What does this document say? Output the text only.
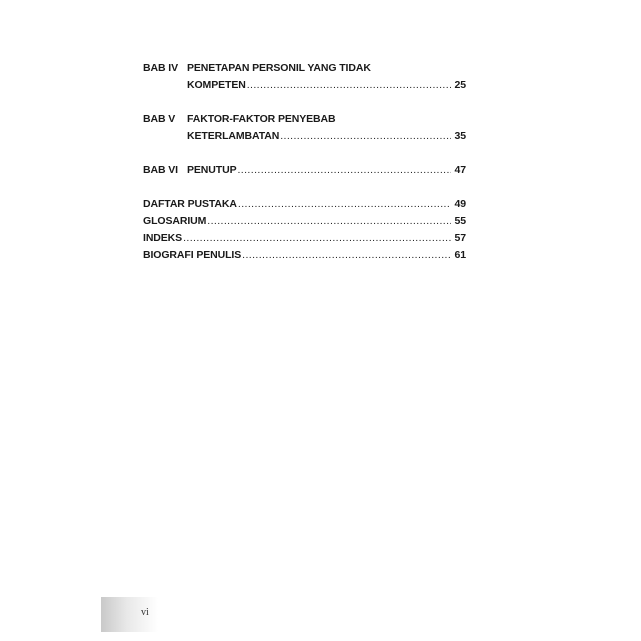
BAB IV PENETAPAN PERSONIL YANG TIDAK
KOMPETEN .....	25
BAB V	FAKTOR-FAKTOR PENYEBAB
KETERLAMBATAN .....	35
BAB VI PENUTUP .....	47
DAFTAR PUSTAKA .....	49
GLOSARIUM .....	55
INDEKS .....	57
BIOGRAFI PENULIS .....	61
vi
